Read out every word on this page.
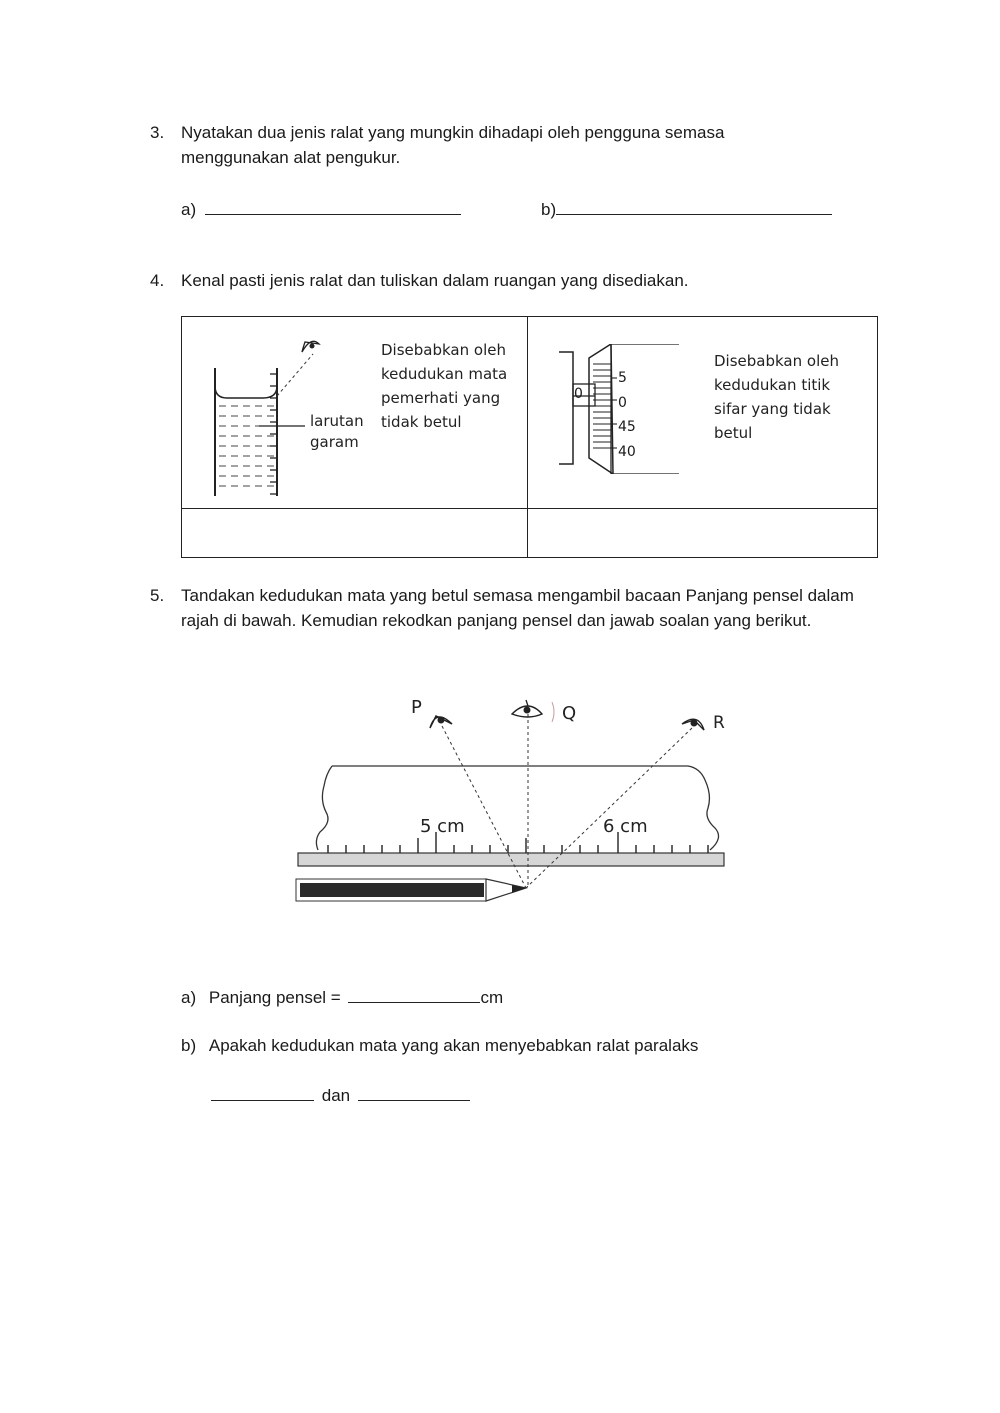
3. Nyatakan dua jenis ralat yang mungkin dihadapi oleh pengguna semasa menggunakan alat pengukur.
a)	b)
4. Kenal pasti jenis ralat dan tuliskan dalam ruangan yang disediakan.
larutan
garam
Disebabkan oleh kedudukan mata pemerhati yang tidak betul
0
5
0
45
40
Disebabkan oleh kedudukan titik sifar yang tidak betul
5. Tandakan kedudukan mata yang betul semasa mengambil bacaan Panjang pensel dalam rajah di bawah. Kemudian rekodkan panjang pensel dan jawab soalan yang berikut.
P	Q	R
5 cm	6 cm
a) Panjang pensel =	cm
b) Apakah kedudukan mata yang akan menyebabkan ralat paralaks
dan
